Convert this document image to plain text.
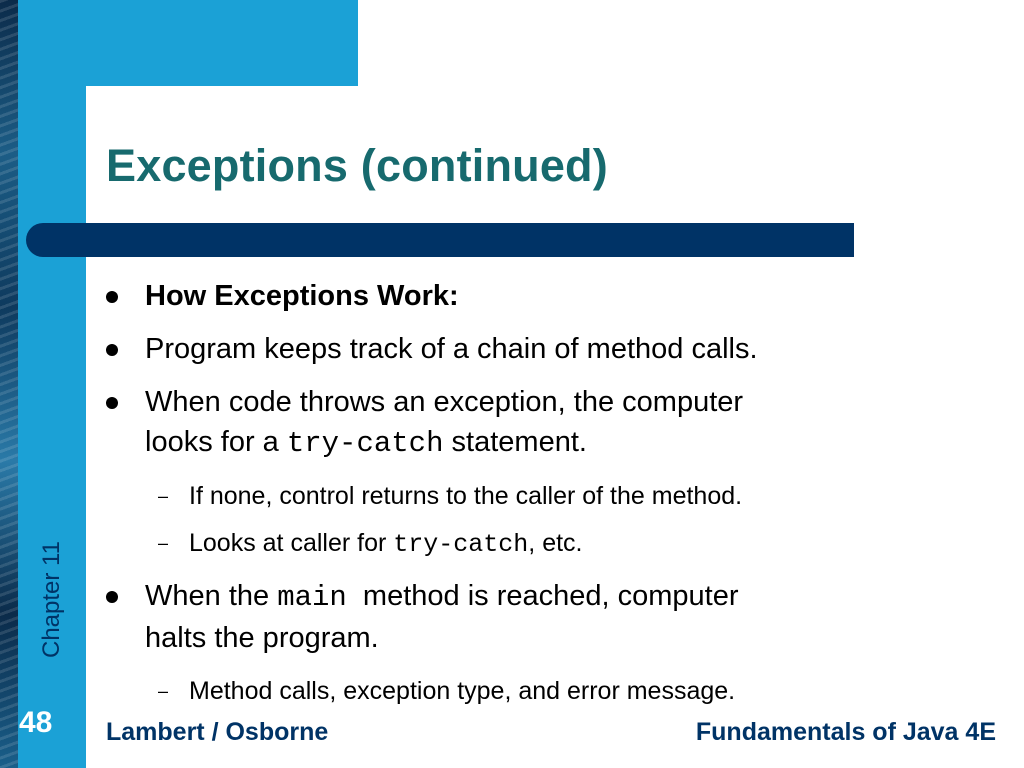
Exceptions (continued)
How Exceptions Work:
Program keeps track of a chain of method calls.
When code throws an exception, the computer
looks for a try-catch statement.
– If none, control returns to the caller of the method.
– Looks at caller for try-catch, etc.
When the main  method is reached, computer
halts the program.
– Method calls, exception type, and error message.
Chapter 11
48 Lambert / Osborne	Fundamentals of Java 4E
